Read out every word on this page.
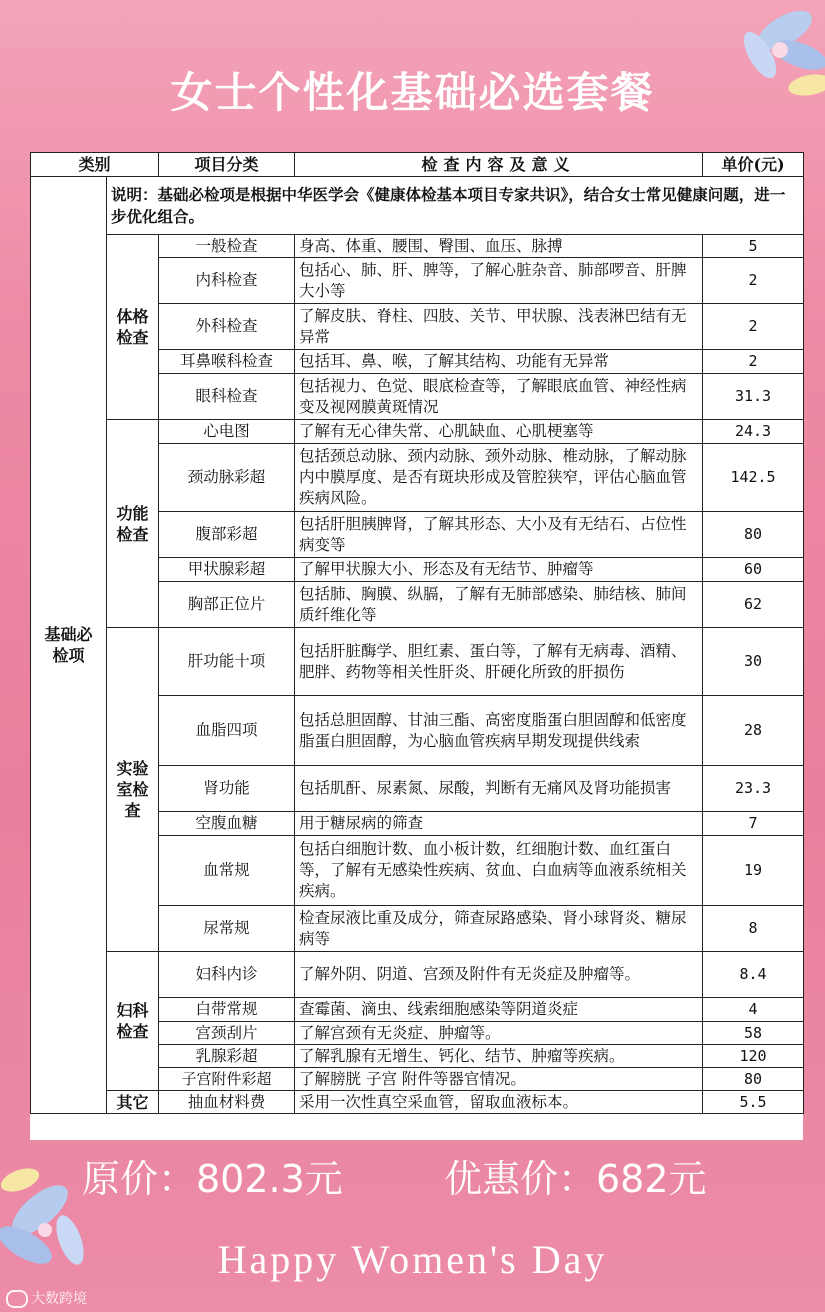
女士个性化基础必选套餐
类别		项目分类	检查内容及意义	单价(元)
基础必检项	说明：基础必检项是根据中华医学会《健康体检基本项目专家共识》，结合女士常见健康问题，进一步优化组合。			
	体格检查	一般检查	身高、体重、腰围、臀围、血压、脉搏	5
		内科检查	包括心、肺、肝、脾等，了解心脏杂音、肺部啰音、肝脾大小等	2
		外科检查	了解皮肤、脊柱、四肢、关节、甲状腺、浅表淋巴结有无异常	2
		耳鼻喉科检查	包括耳、鼻、喉，了解其结构、功能有无异常	2
		眼科检查	包括视力、色觉、眼底检查等，了解眼底血管、神经性病变及视网膜黄斑情况	31.3
	功能检查	心电图	了解有无心律失常、心肌缺血、心肌梗塞等	24.3
		颈动脉彩超	包括颈总动脉、颈内动脉、颈外动脉、椎动脉，了解动脉内中膜厚度、是否有斑块形成及管腔狭窄，评估心脑血管疾病风险。	142.5
		腹部彩超	包括肝胆胰脾肾，了解其形态、大小及有无结石、占位性病变等	80
		甲状腺彩超	了解甲状腺大小、形态及有无结节、肿瘤等	60
		胸部正位片	包括肺、胸膜、纵膈，了解有无肺部感染、肺结核、肺间质纤维化等	62
	实验室检查	肝功能十项	包括肝脏酶学、胆红素、蛋白等，了解有无病毒、酒精、肥胖、药物等相关性肝炎、肝硬化所致的肝损伤	30
		血脂四项	包括总胆固醇、甘油三酯、高密度脂蛋白胆固醇和低密度脂蛋白胆固醇，为心脑血管疾病早期发现提供线索	28
		肾功能	包括肌酐、尿素氮、尿酸，判断有无痛风及肾功能损害	23.3
		空腹血糖	用于糖尿病的筛查	7
		血常规	包括白细胞计数、血小板计数，红细胞计数、血红蛋白等，了解有无感染性疾病、贫血、白血病等血液系统相关疾病。	19
		尿常规	检查尿液比重及成分，筛查尿路感染、肾小球肾炎、糖尿病等	8
	妇科检查	妇科内诊	了解外阴、阴道、宫颈及附件有无炎症及肿瘤等。	8.4
		白带常规	查霉菌、滴虫、线索细胞感染等阴道炎症	4
		宫颈刮片	了解宫颈有无炎症、肿瘤等。	58
		乳腺彩超	了解乳腺有无增生、钙化、结节、肿瘤等疾病。	120
		子宫附件彩超	了解膀胱 子宫 附件等器官情况。	80
	其它	抽血材料费	采用一次性真空采血管，留取血液标本。	5.5
原价：802.3元	优惠价：682元
Happy Women's Day
大数跨境
